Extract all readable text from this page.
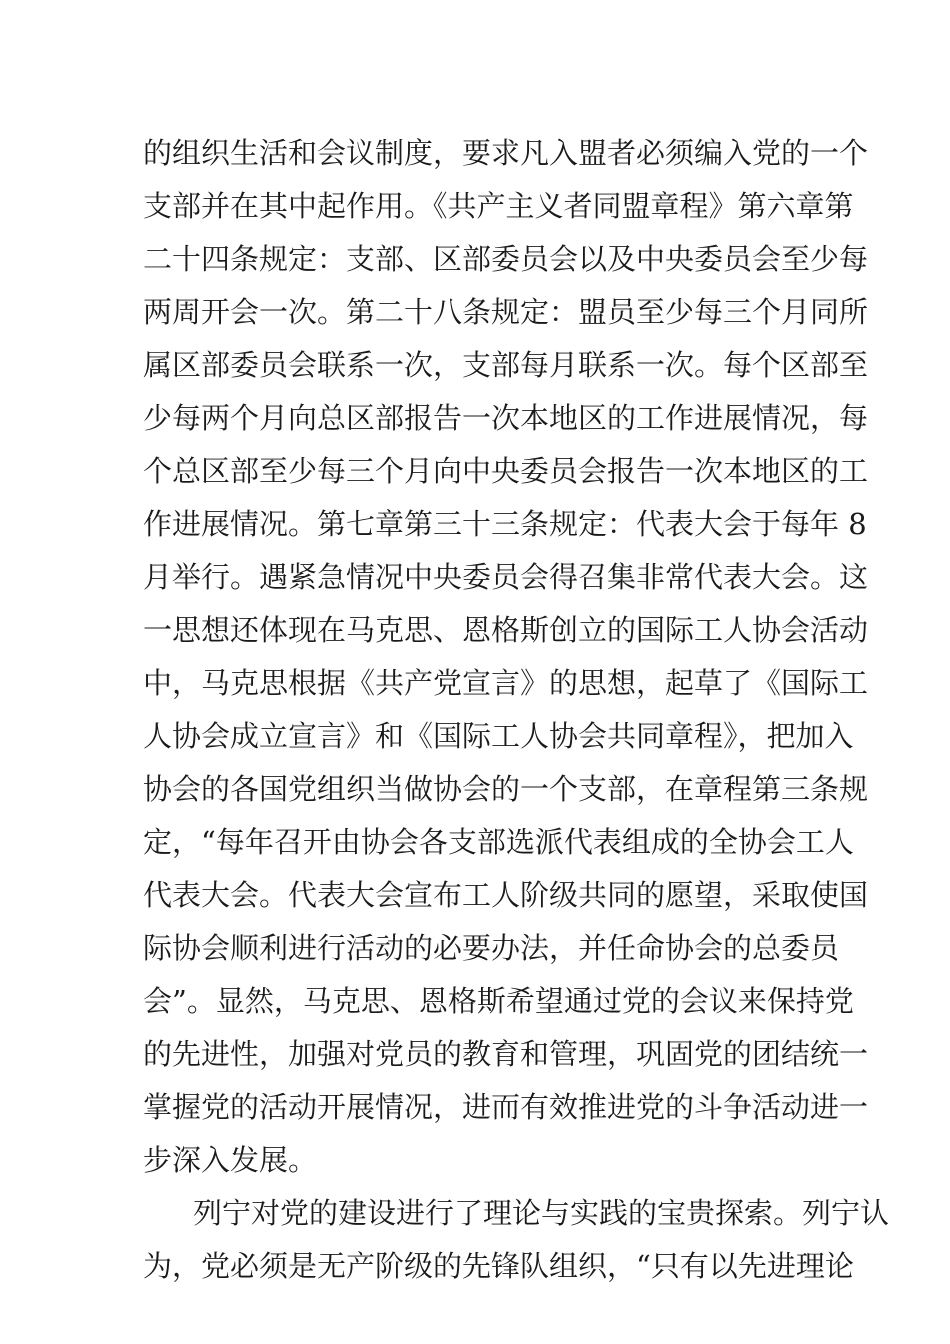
的组织生活和会议制度，要求凡入盟者必须编入党的一个
支部并在其中起作用。《共产主义者同盟章程》第六章第
二十四条规定：支部、区部委员会以及中央委员会至少每
两周开会一次。第二十八条规定：盟员至少每三个月同所
属区部委员会联系一次，支部每月联系一次。每个区部至
少每两个月向总区部报告一次本地区的工作进展情况，每
个总区部至少每三个月向中央委员会报告一次本地区的工
作进展情况。第七章第三十三条规定：代表大会于每年 8
月举行。遇紧急情况中央委员会得召集非常代表大会。这
一思想还体现在马克思、恩格斯创立的国际工人协会活动
中，马克思根据《共产党宣言》的思想，起草了《国际工
人协会成立宣言》和《国际工人协会共同章程》，把加入
协会的各国党组织当做协会的一个支部，在章程第三条规
定，“每年召开由协会各支部选派代表组成的全协会工人
代表大会。代表大会宣布工人阶级共同的愿望，采取使国
际协会顺利进行活动的必要办法，并任命协会的总委员
会”。显然，马克思、恩格斯希望通过党的会议来保持党
的先进性，加强对党员的教育和管理，巩固党的团结统一
掌握党的活动开展情况，进而有效推进党的斗争活动进一
步深入发展。
列宁对党的建设进行了理论与实践的宝贵探索。列宁认
为，党必须是无产阶级的先锋队组织，“只有以先进理论
